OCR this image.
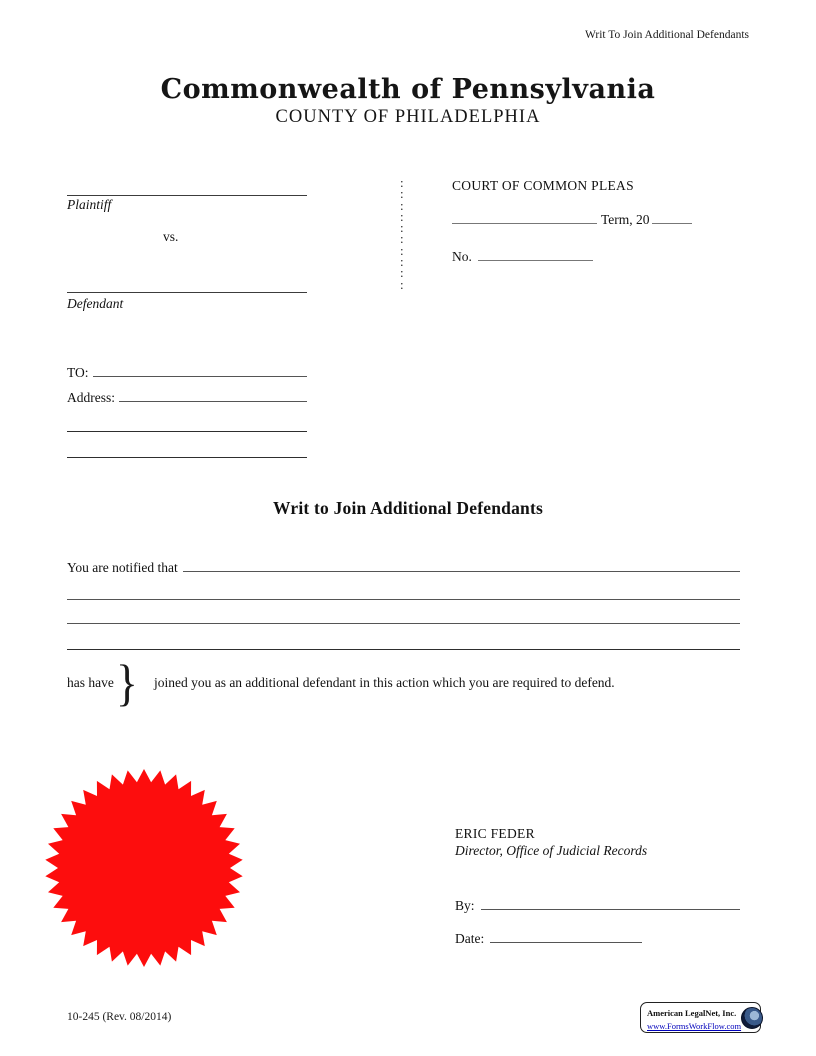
Writ To Join Additional Defendants
Commonwealth of Pennsylvania
COUNTY OF PHILADELPHIA
Plaintiff
vs.
Defendant
:
:
:
:
:
:
:
:
:
:
COURT OF COMMON PLEAS
Term, 20
No.
TO:
Address:
Writ to Join Additional Defendants
You are notified that
has have } joined you as an additional defendant in this action which you are required to defend.
ERIC FEDER
Director, Office of Judicial Records
By:
Date:
10-245 (Rev. 08/2014)	American LegalNet, Inc.
www.FormsWorkFlow.com
